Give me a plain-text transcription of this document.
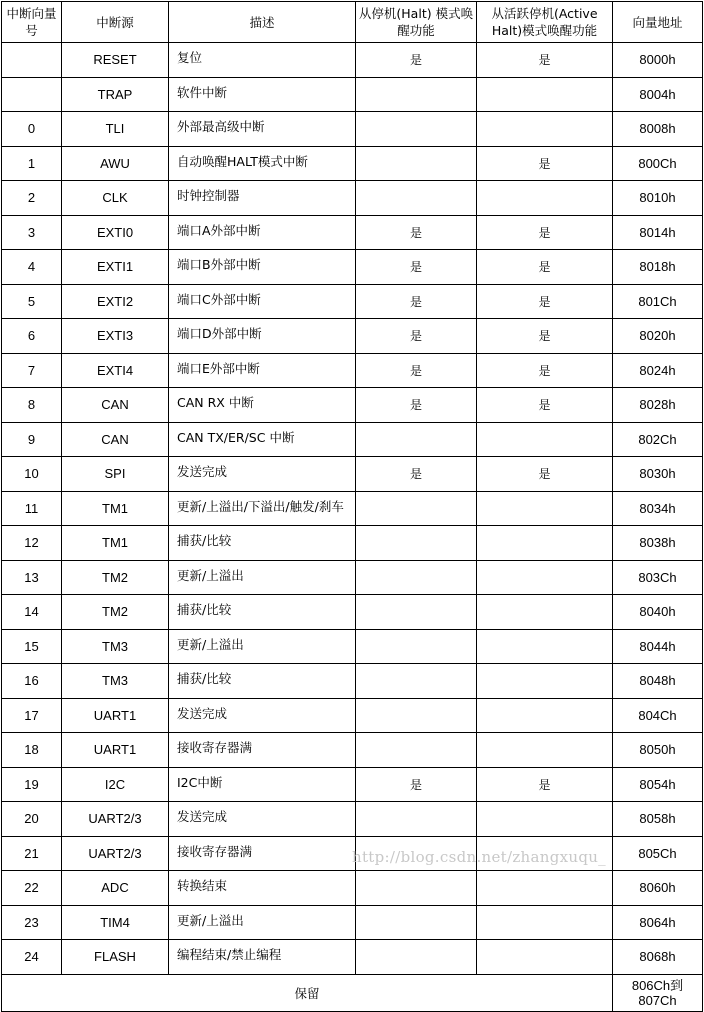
中断向量号	中断源	描述	从停机(Halt) 模式唤醒功能	从活跃停机(Active Halt)模式唤醒功能	向量地址
	RESET	复位	是	是	8000h
	TRAP	软件中断			8004h
0	TLI	外部最高级中断			8008h
1	AWU	自动唤醒HALT模式中断		是	800Ch
2	CLK	时钟控制器			8010h
3	EXTI0	端口A外部中断	是	是	8014h
4	EXTI1	端口B外部中断	是	是	8018h
5	EXTI2	端口C外部中断	是	是	801Ch
6	EXTI3	端口D外部中断	是	是	8020h
7	EXTI4	端口E外部中断	是	是	8024h
8	CAN	CAN RX 中断	是	是	8028h
9	CAN	CAN TX/ER/SC 中断			802Ch
10	SPI	发送完成	是	是	8030h
11	TM1	更新/上溢出/下溢出/触发/刹车			8034h
12	TM1	捕获/比较			8038h
13	TM2	更新/上溢出			803Ch
14	TM2	捕获/比较			8040h
15	TM3	更新/上溢出			8044h
16	TM3	捕获/比较			8048h
17	UART1	发送完成			804Ch
18	UART1	接收寄存器满			8050h
19	I2C	I2C中断	是	是	8054h
20	UART2/3	发送完成			8058h
21	UART2/3	接收寄存器满			805Ch
22	ADC	转换结束			8060h
23	TIM4	更新/上溢出			8064h
24	FLASH	编程结束/禁止编程			8068h
保留					806Ch到
807Ch
http://blog.csdn.net/zhangxuqu_
